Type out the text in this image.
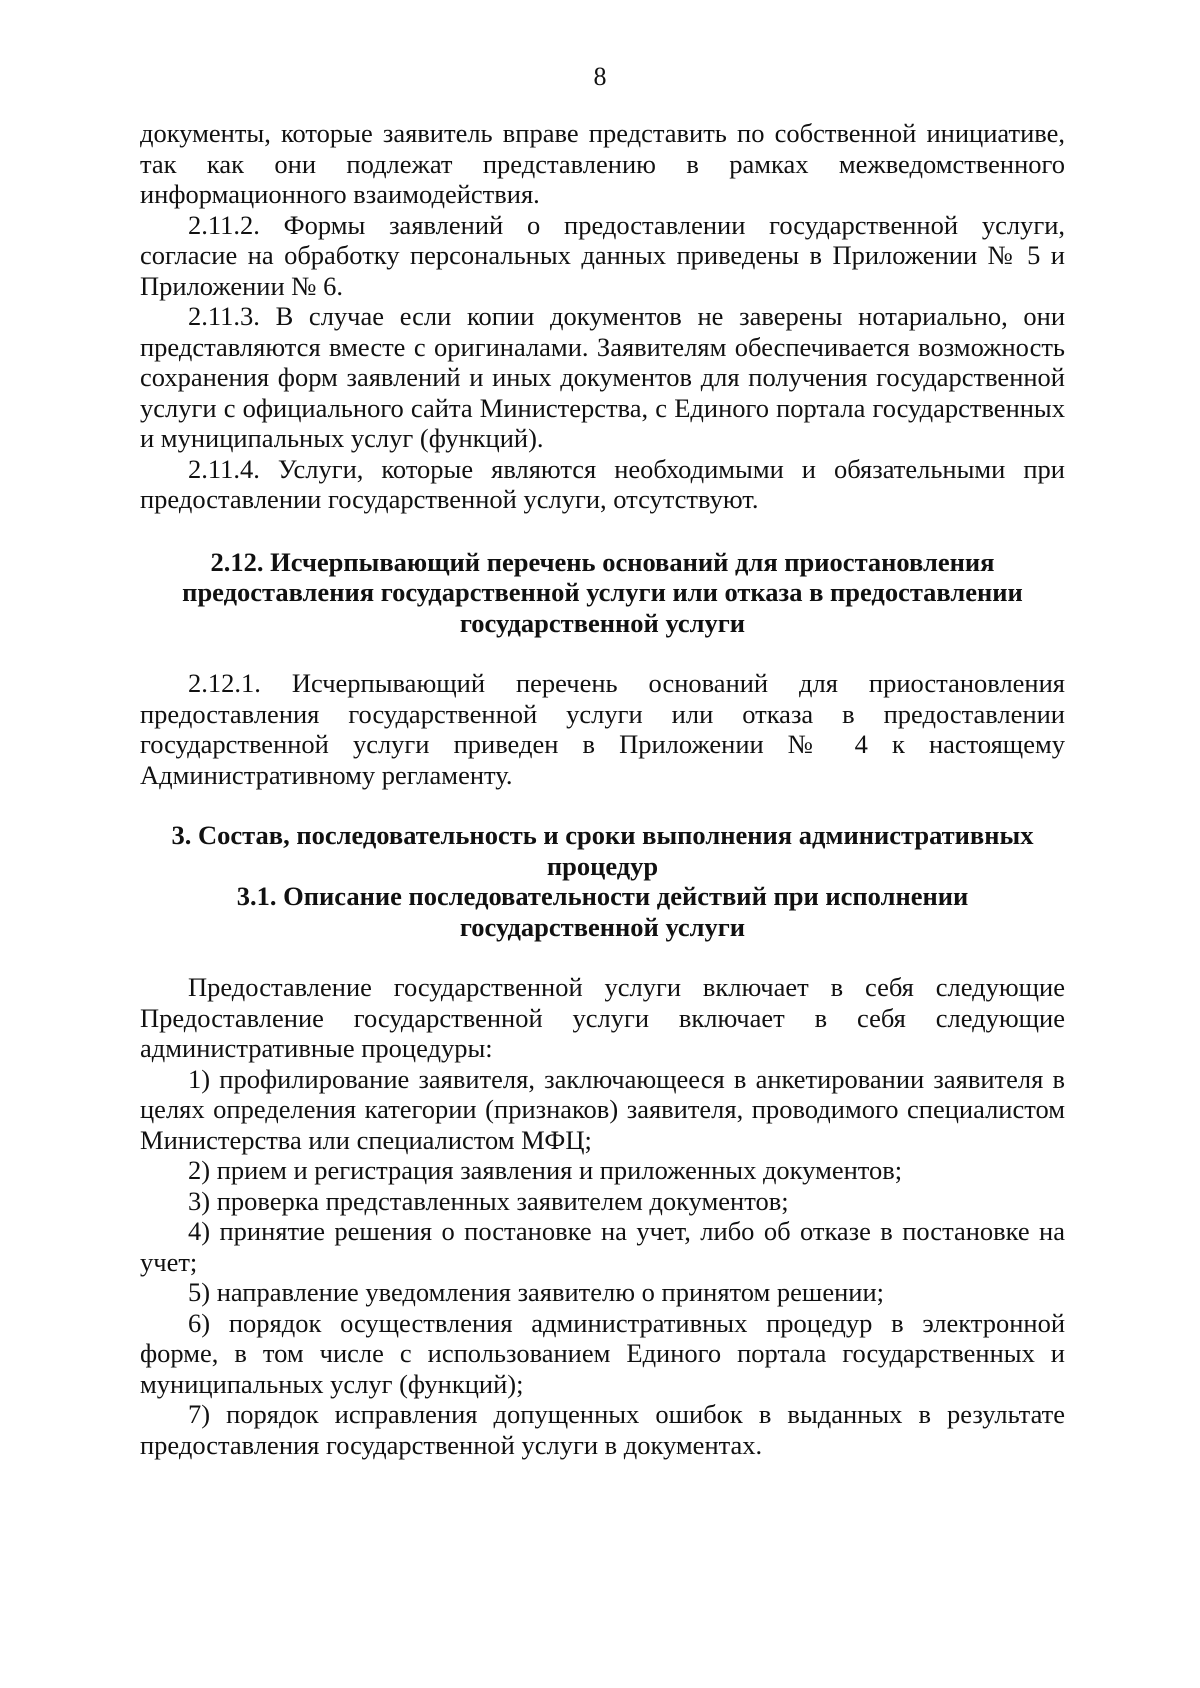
8

документы, которые заявитель вправе представить по собственной инициативе, так как они подлежат представлению в рамках межведомственного информационного взаимодействия.

2.11.2. Формы заявлений о предоставлении государственной услуги, согласие на обработку персональных данных приведены в Приложении № 5 и Приложении № 6.

2.11.3. В случае если копии документов не заверены нотариально, они представляются вместе с оригиналами. Заявителям обеспечивается возможность сохранения форм заявлений и иных документов для получения государственной услуги с официального сайта Министерства, с Единого портала государственных и муниципальных услуг (функций).

2.11.4. Услуги, которые являются необходимыми и обязательными при предоставлении государственной услуги, отсутствуют.

2.12. Исчерпывающий перечень оснований для приостановления

предоставления государственной услуги или отказа в предоставлении

государственной услуги

2.12.1. Исчерпывающий перечень оснований для приостановления предоставления государственной услуги или отказа в предоставлении государственной услуги приведен в Приложении № 4 к настоящему Административному регламенту.

3. Состав, последовательность и сроки выполнения административных

процедур

3.1. Описание последовательности действий при исполнении

государственной услуги

Предоставление государственной услуги включает в себя следующие

Предоставление государственной услуги включает в себя следующие административные процедуры:

1) профилирование заявителя, заключающееся в анкетировании заявителя в целях определения категории (признаков) заявителя, проводимого специалистом Министерства или специалистом МФЦ;

2) прием и регистрация заявления и приложенных документов;

3) проверка представленных заявителем документов;

4) принятие решения о постановке на учет, либо об отказе в постановке на учет;

5) направление уведомления заявителю о принятом решении;

6) порядок осуществления административных процедур в электронной форме, в том числе с использованием Единого портала государственных и муниципальных услуг (функций);

7) порядок исправления допущенных ошибок в выданных в результате предоставления государственной услуги в документах.
